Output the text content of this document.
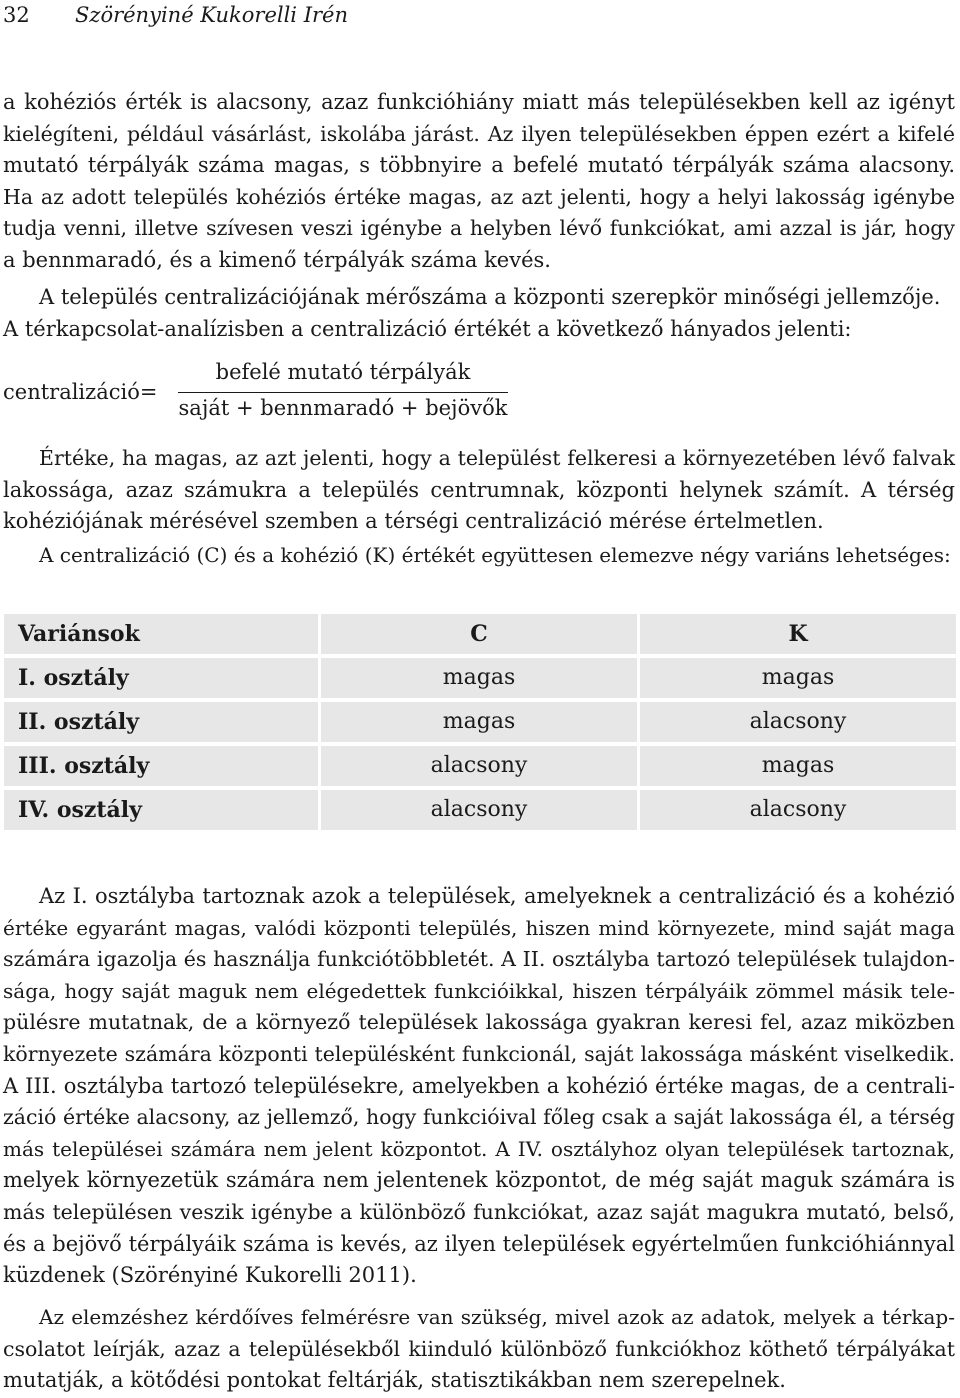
32 Szörényiné Kukorelli Irén
a kohéziós érték is alacsony, azaz funkcióhiány miatt más településekben kell az igényt
kielégíteni, például vásárlást, iskolába járást. Az ilyen településekben éppen ezért a kifelé
mutató térpályák száma magas, s többnyire a befelé mutató térpályák száma alacsony.
Ha az adott település kohéziós értéke magas, az azt jelenti, hogy a helyi lakosság igénybe
tudja venni, illetve szívesen veszi igénybe a helyben lévő funkciókat, ami azzal is jár, hogy
a bennmaradó, és a kimenő térpályák száma kevés.
A település centralizációjának mérőszáma a központi szerepkör minőségi jellemzője.
A térkapcsolat-analízisben a centralizáció értékét a következő hányados jelenti:
centralizáció=
befelé mutató térpályák
saját + bennmaradó + bejövők
Értéke, ha magas, az azt jelenti, hogy a települést felkeresi a környezetében lévő falvak
lakossága, azaz számukra a település centrumnak, központi helynek számít. A térség
kohéziójának mérésével szemben a térségi centralizáció mérése értelmetlen.
A centralizáció (C) és a kohézió (K) értékét együttesen elemezve négy variáns lehetséges:
Variánsok	C	K
I. osztály	magas	magas
II. osztály	magas	alacsony
III. osztály	alacsony	magas
IV. osztály	alacsony	alacsony
Az I. osztályba tartoznak azok a települések, amelyeknek a centralizáció és a kohézió
értéke egyaránt magas, valódi központi település, hiszen mind környezete, mind saját maga
számára igazolja és használja funkciótöbbletét. A II. osztályba tartozó települések tulajdon-
sága, hogy saját maguk nem elégedettek funkcióikkal, hiszen térpályáik zömmel másik tele-
pülésre mutatnak, de a környező települések lakossága gyakran keresi fel, azaz miközben
környezete számára központi településként funkcionál, saját lakossága másként viselkedik.
A III. osztályba tartozó településekre, amelyekben a kohézió értéke magas, de a centrali-
záció értéke alacsony, az jellemző, hogy funkcióival főleg csak a saját lakossága él, a térség
más települései számára nem jelent központot. A IV. osztályhoz olyan települések tartoznak,
melyek környezetük számára nem jelentenek központot, de még saját maguk számára is
más településen veszik igénybe a különböző funkciókat, azaz saját magukra mutató, belső,
és a bejövő térpályáik száma is kevés, az ilyen települések egyértelműen funkcióhiánnyal
küzdenek (Szörényiné Kukorelli 2011).
Az elemzéshez kérdőíves felmérésre van szükség, mivel azok az adatok, melyek a térkap-
csolatot leírják, azaz a településekből kiinduló különböző funkciókhoz köthető térpályákat
mutatják, a kötődési pontokat feltárják, statisztikákban nem szerepelnek.
